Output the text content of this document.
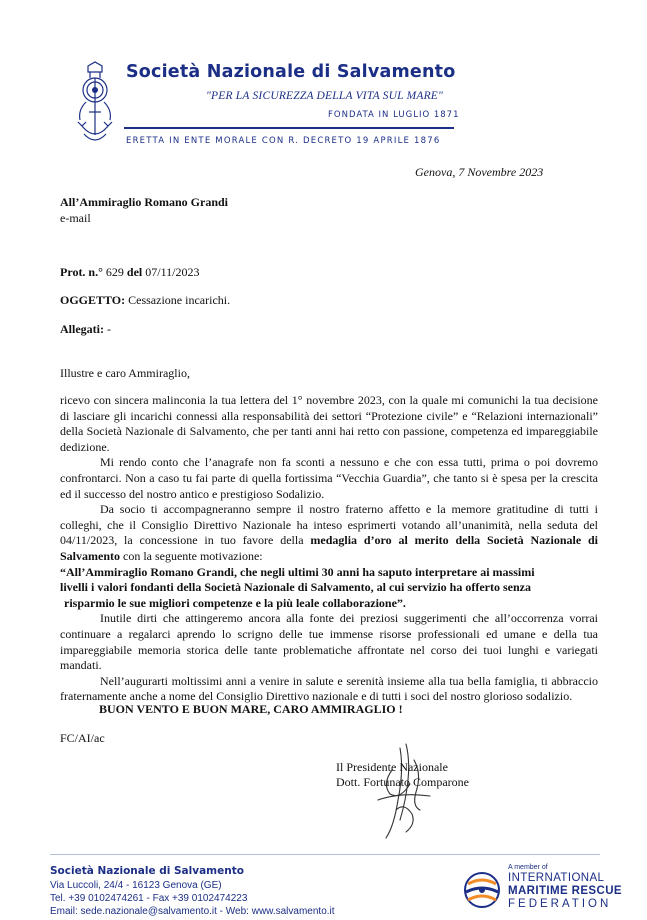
Società Nazionale di Salvamento
"PER LA SICUREZZA DELLA VITA SUL MARE"
FONDATA IN LUGLIO 1871
ERETTA IN ENTE MORALE CON R. DECRETO 19 APRILE 1876
Genova, 7 Novembre 2023
All’Ammiraglio Romano Grandi
e-mail
Prot. n.° 629 del 07/11/2023
OGGETTO: Cessazione incarichi.
Allegati: -
Illustre e caro Ammiraglio,

ricevo con sincera malinconia la tua lettera del 1° novembre 2023, con la quale mi comunichi la tua decisione di lasciare gli incarichi connessi alla responsabilità dei settori “Protezione civile” e “Relazioni internazionali” della Società Nazionale di Salvamento, che per tanti anni hai retto con passione, competenza ed impareggiabile dedizione.

Mi rendo conto che l’anagrafe non fa sconti a nessuno e che con essa tutti, prima o poi dovremo confrontarci. Non a caso tu fai parte di quella fortissima “Vecchia Guardia”, che tanto si è spesa per la crescita ed il successo del nostro antico e prestigioso Sodalizio.

Da socio ti accompagneranno sempre il nostro fraterno affetto e la memore gratitudine di tutti i colleghi, che il Consiglio Direttivo Nazionale ha inteso esprimerti votando all’unanimità, nella seduta del 04/11/2023, la concessione in tuo favore della medaglia d’oro al merito della Società Nazionale di Salvamento con la seguente motivazione:

“All’Ammiraglio Romano Grandi, che negli ultimi 30 anni ha saputo interpretare ai massimi

livelli i valori fondanti della Società Nazionale di Salvamento, al cui servizio ha offerto senza

risparmio le sue migliori competenze e la più leale collaborazione”.

Inutile dirti che attingeremo ancora alla fonte dei preziosi suggerimenti che all’occorrenza vorrai continuare a regalarci aprendo lo scrigno delle tue immense risorse professionali ed umane e della tua impareggiabile memoria storica delle tante problematiche affrontate nel corso dei tuoi lunghi e variegati mandati.

Nell’augurarti moltissimi anni a venire in salute e serenità insieme alla tua bella famiglia, ti abbraccio fraternamente anche a nome del Consiglio Direttivo nazionale e di tutti i soci del nostro glorioso sodalizio.

BUON VENTO E BUON MARE, CARO AMMIRAGLIO !
FC/AI/ac
Il Presidente Nazionale
Dott. Fortunato Comparone
Società Nazionale di Salvamento
Via Luccoli, 24/4 - 16123 Genova (GE)
Tel. +39 0102474261 - Fax +39 0102474223
Email: sede.nazionale@salvamento.it - Web: www.salvamento.it
A member of
INTERNATIONAL
MARITIME RESCUE
FEDERATION
